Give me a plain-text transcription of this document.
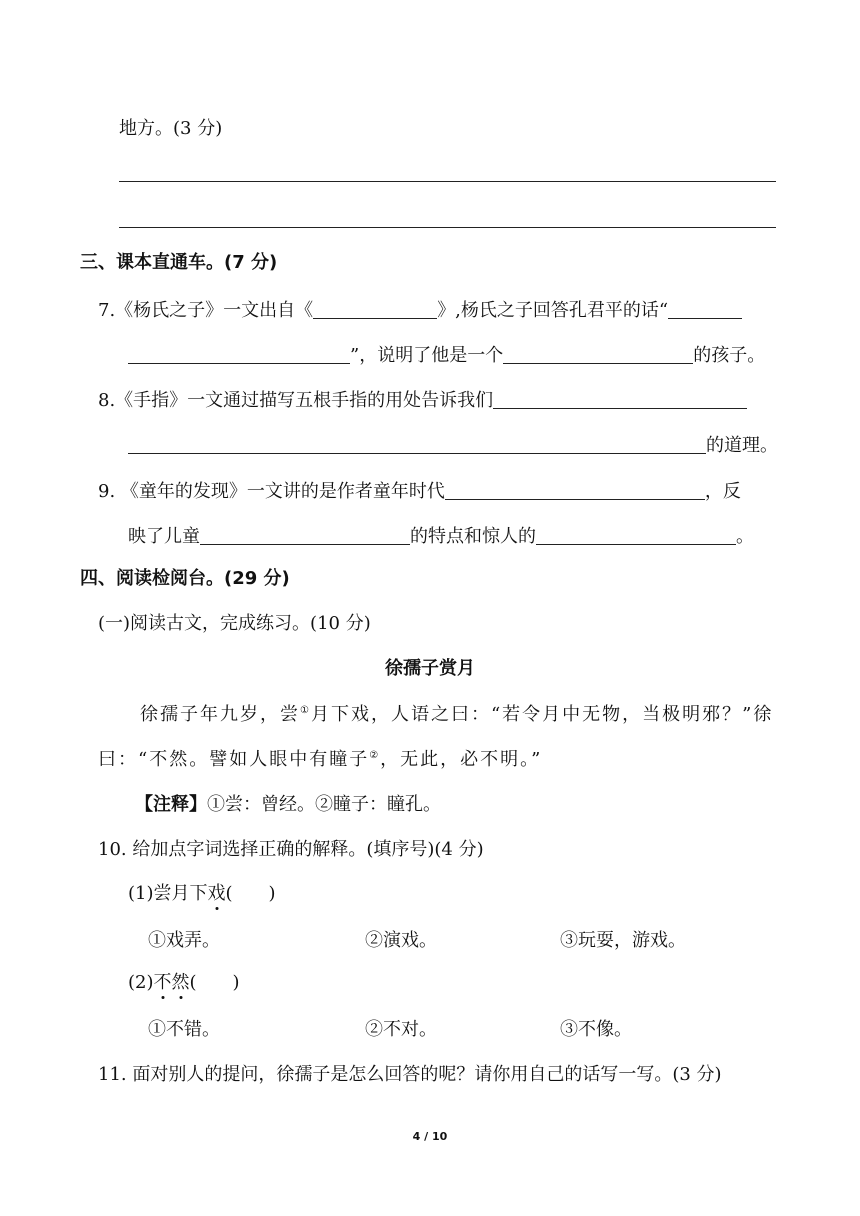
地方。(3 分)
三、课本直通车。(7 分)
7.《杨氏之子》一文出自《	》,杨氏之子回答孔君平的话“
”，说明了他是一个	的孩子。
8.《手指》一文通过描写五根手指的用处告诉我们
的道理。
9. 《童年的发现》一文讲的是作者童年时代	，反
映了儿童	的特点和惊人的	。
四、阅读检阅台。(29 分)
(一)阅读古文，完成练习。(10 分)
徐孺子赏月
徐孺子年九岁，尝①月下戏，人语之曰：“若令月中无物，当极明邪？”徐
曰：“不然。譬如人眼中有瞳子②，无此，必不明。”
【注释】①尝：曾经。②瞳子：瞳孔。
10. 给加点字词选择正确的解释。(填序号)(4 分)
(1)尝月下戏(　　)
①戏弄。	②演戏。	③玩耍，游戏。
(2)不然(　　)
①不错。	②不对。	③不像。
11. 面对别人的提问，徐孺子是怎么回答的呢？请你用自己的话写一写。(3 分)
4 / 10
